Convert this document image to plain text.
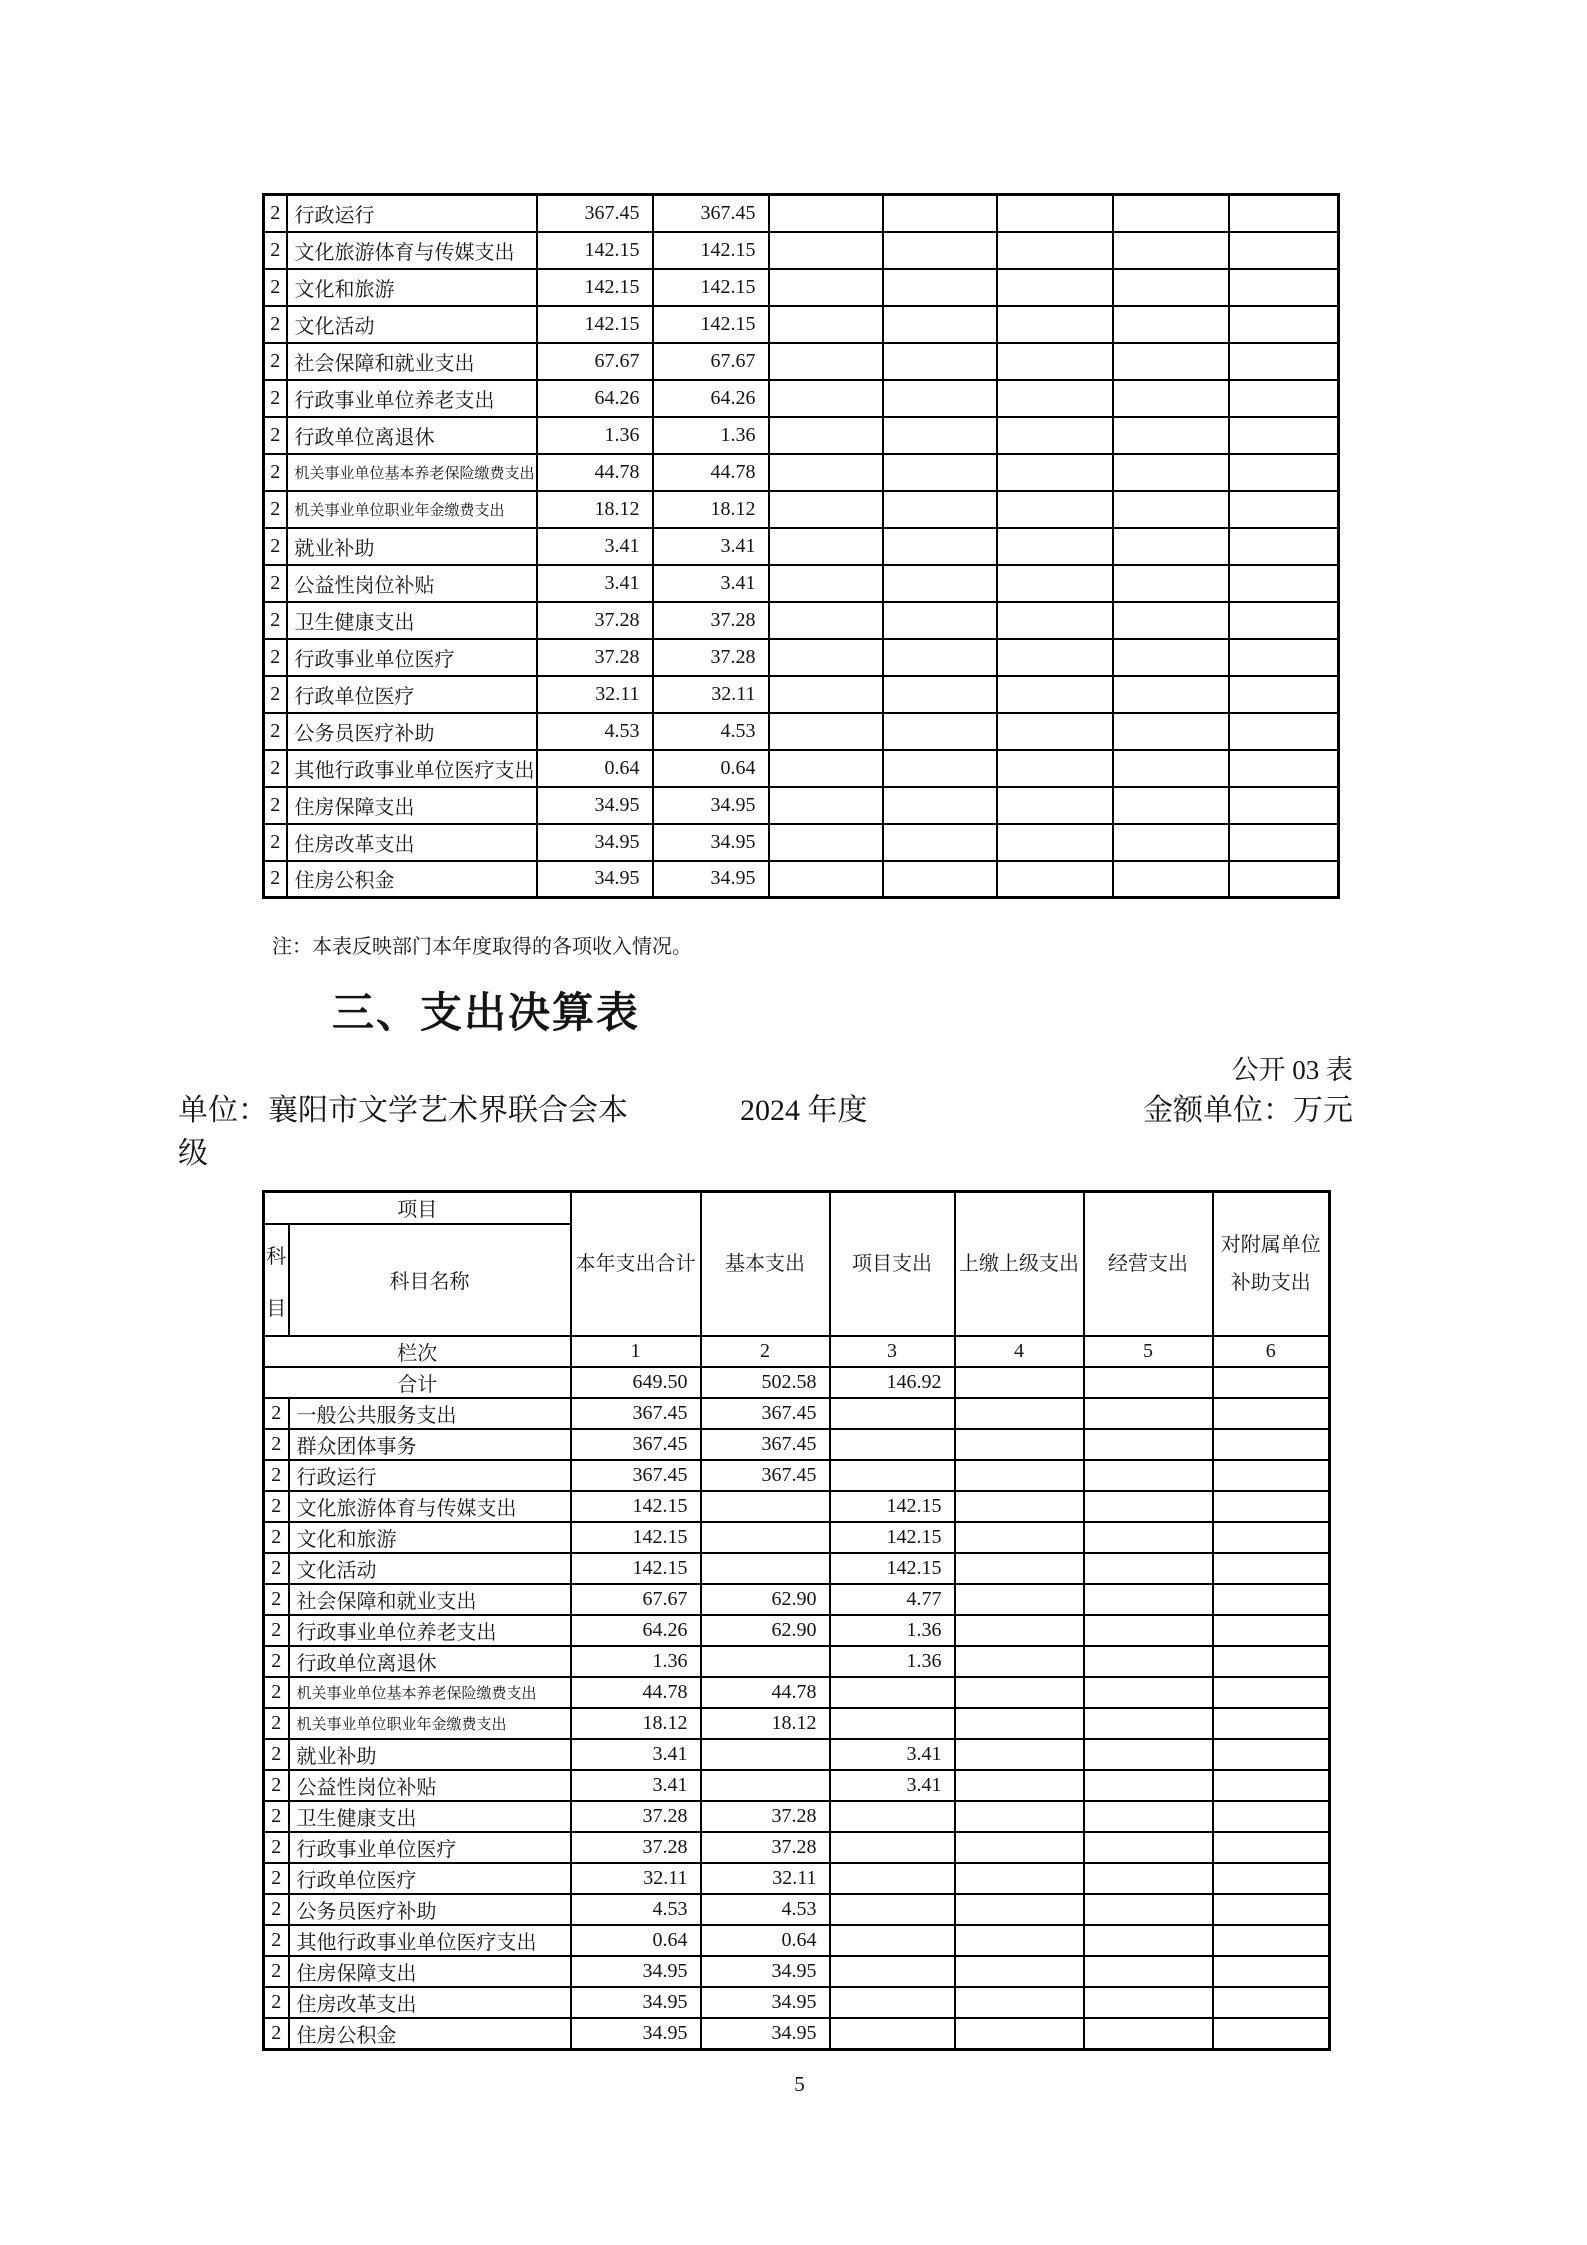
2	行政运行	367.45	367.45					
2	文化旅游体育与传媒支出	142.15	142.15					
2	文化和旅游	142.15	142.15					
2	文化活动	142.15	142.15					
2	社会保障和就业支出	67.67	67.67					
2	行政事业单位养老支出	64.26	64.26					
2	行政单位离退休	1.36	1.36					
2	机关事业单位基本养老保险缴费支出	44.78	44.78					
2	机关事业单位职业年金缴费支出	18.12	18.12					
2	就业补助	3.41	3.41					
2	公益性岗位补贴	3.41	3.41					
2	卫生健康支出	37.28	37.28					
2	行政事业单位医疗	37.28	37.28					
2	行政单位医疗	32.11	32.11					
2	公务员医疗补助	4.53	4.53					
2	其他行政事业单位医疗支出	0.64	0.64					
2	住房保障支出	34.95	34.95					
2	住房改革支出	34.95	34.95					
2	住房公积金	34.95	34.95					
注：本表反映部门本年度取得的各项收入情况。
三、支出决算表
公开 03 表
单位：襄阳市文学艺术界联合会本	2024 年度	金额单位：万元
级
项目		本年支出合计	基本支出	项目支出	上缴上级支出	经营支出	对附属单位补助支出
科目	科目名称						
栏次		1	2	3	4	5	6
合计		649.50	502.58	146.92			
2	一般公共服务支出	367.45	367.45				
2	群众团体事务	367.45	367.45				
2	行政运行	367.45	367.45				
2	文化旅游体育与传媒支出	142.15		142.15			
2	文化和旅游	142.15		142.15			
2	文化活动	142.15		142.15			
2	社会保障和就业支出	67.67	62.90	4.77			
2	行政事业单位养老支出	64.26	62.90	1.36			
2	行政单位离退休	1.36		1.36			
2	机关事业单位基本养老保险缴费支出	44.78	44.78				
2	机关事业单位职业年金缴费支出	18.12	18.12				
2	就业补助	3.41		3.41			
2	公益性岗位补贴	3.41		3.41			
2	卫生健康支出	37.28	37.28				
2	行政事业单位医疗	37.28	37.28				
2	行政单位医疗	32.11	32.11				
2	公务员医疗补助	4.53	4.53				
2	其他行政事业单位医疗支出	0.64	0.64				
2	住房保障支出	34.95	34.95				
2	住房改革支出	34.95	34.95				
2	住房公积金	34.95	34.95				
5
